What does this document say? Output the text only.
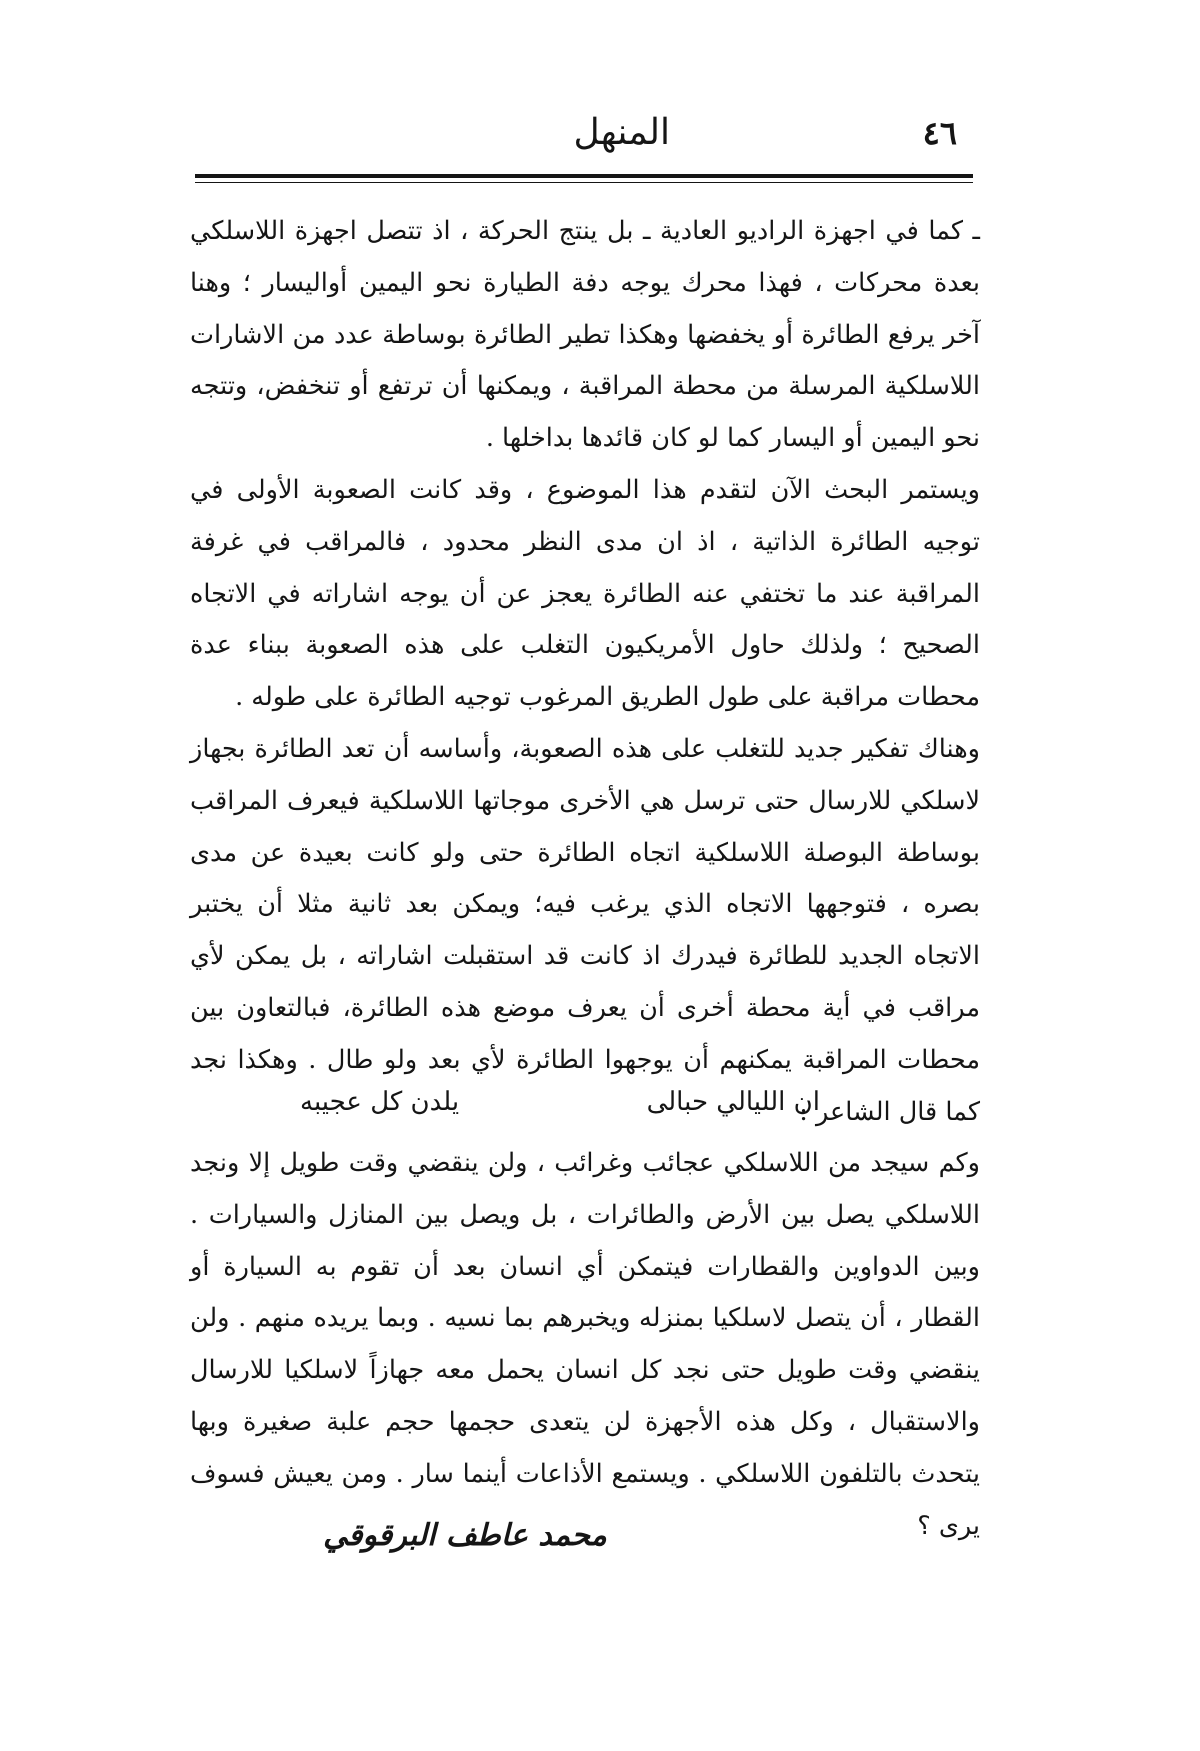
٤٦
المنهل

ـ كما في اجهزة الراديو العادية ـ بل ينتج الحركة ، اذ تتصل اجهزة اللاسلكي بعدة محركات ، فهذا محرك يوجه دفة الطيارة نحو اليمين أواليسار ؛ وهنا آخر يرفع الطائرة أو يخفضها وهكذا تطير الطائرة بوساطة عدد من الاشارات اللاسلكية المرسلة من محطة المراقبة ، ويمكنها أن ترتفع أو تنخفض، وتتجه نحو اليمين أو اليسار كما لو كان قائدها بداخلها .

ويستمر البحث الآن لتقدم هذا الموضوع ، وقد كانت الصعوبة الأولى في توجيه الطائرة الذاتية ، اذ ان مدى النظر محدود ، فالمراقب في غرفة المراقبة عند ما تختفي عنه الطائرة يعجز عن أن يوجه اشاراته في الاتجاه الصحيح ؛ ولذلك حاول الأمريكيون التغلب على هذه الصعوبة ببناء عدة محطات مراقبة على طول الطريق المرغوب توجيه الطائرة على طوله .

وهناك تفكير جديد للتغلب على هذه الصعوبة، وأساسه أن تعد الطائرة بجهاز لاسلكي للارسال حتى ترسل هي الأخرى موجاتها اللاسلكية فيعرف المراقب بوساطة البوصلة اللاسلكية اتجاه الطائرة حتى ولو كانت بعيدة عن مدى بصره ، فتوجهها الاتجاه الذي يرغب فيه؛ ويمكن بعد ثانية مثلا أن يختبر الاتجاه الجديد للطائرة فيدرك اذ كانت قد استقبلت اشاراته ، بل يمكن لأي مراقب في أية محطة أخرى أن يعرف موضع هذه الطائرة، فبالتعاون بين محطات المراقبة يمكنهم أن يوجهوا الطائرة لأي بعد ولو طال . وهكذا نجد كما قال الشاعر :

ان الليالي حبالى
يلدن كل عجيبه

وكم سيجد من اللاسلكي عجائب وغرائب ، ولن ينقضي وقت طويل إلا ونجد اللاسلكي يصل بين الأرض والطائرات ، بل ويصل بين المنازل والسيارات . وبين الدواوين والقطارات فيتمكن أي انسان بعد أن تقوم به السيارة أو القطار ، أن يتصل لاسلكيا بمنزله ويخبرهم بما نسيه . وبما يريده منهم . ولن ينقضي وقت طويل حتى نجد كل انسان يحمل معه جهازاً لاسلكيا للارسال والاستقبال ، وكل هذه الأجهزة لن يتعدى حجمها حجم علبة صغيرة وبها يتحدث بالتلفون اللاسلكي . ويستمع الأذاعات أينما سار . ومن يعيش فسوف يرى ؟

محمد عاطف البرقوقي
